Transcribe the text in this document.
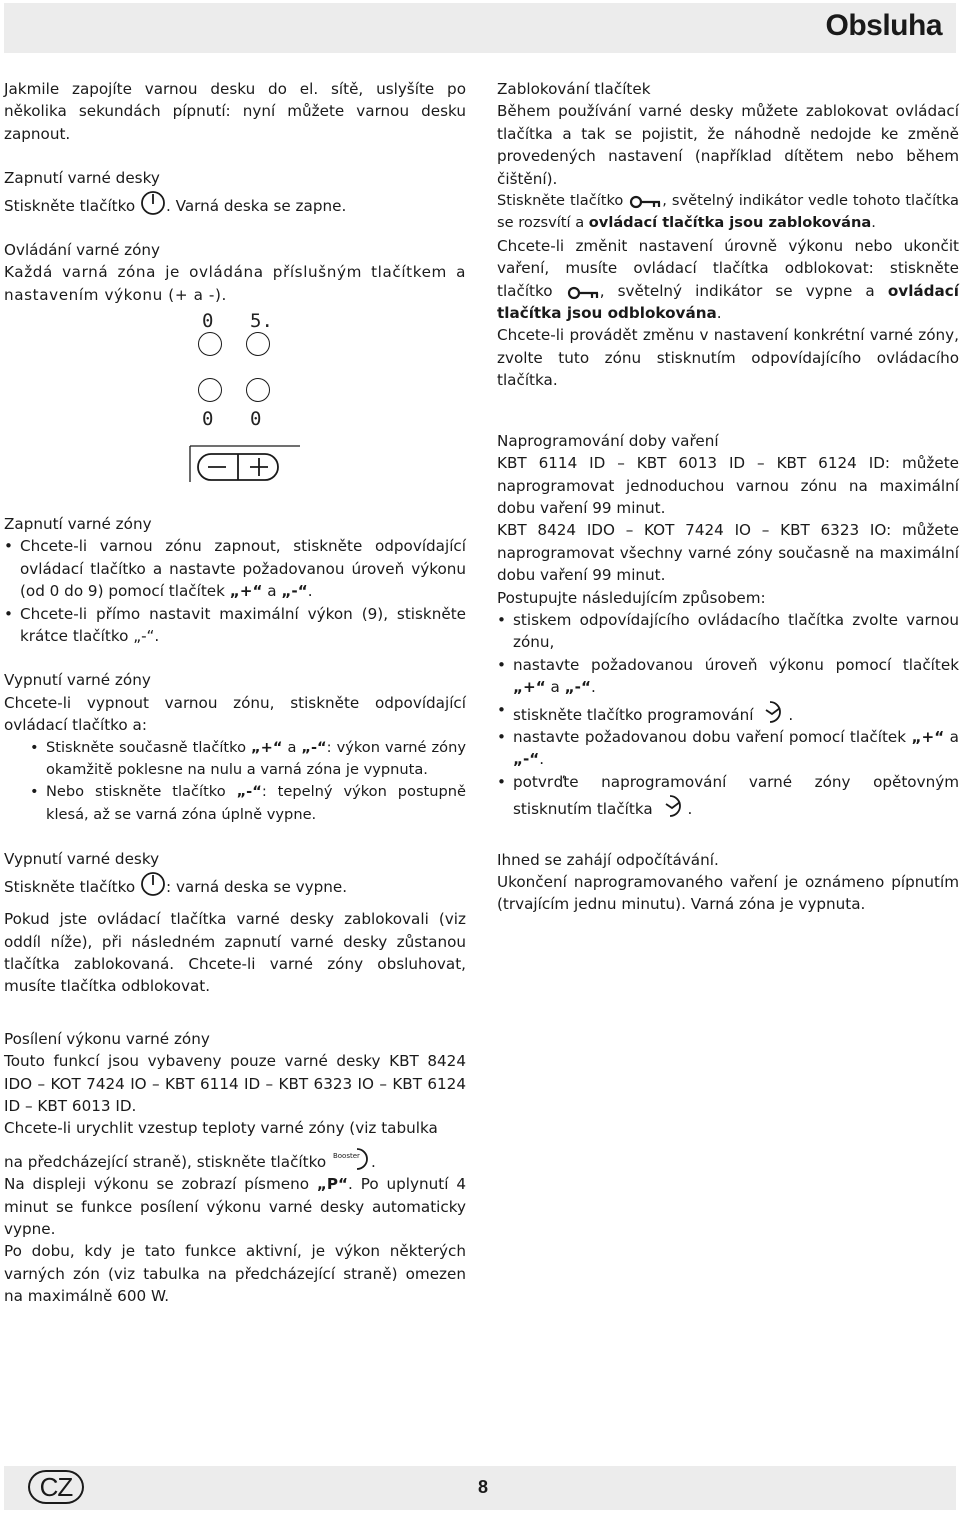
Obsluha

Jakmile zapojíte varnou desku do el. sítě, uslyšíte po několika sekundách pípnutí: nyní můžete varnou desku zapnout.

Zapnutí varné desky

Stiskněte tlačítko . Varná deska se zapne.

Ovládání varné zóny

Každá varná zóna je ovládána příslušným tlačítkem a nastavením výkonu (+ a -).

0 5.
0 0

Zapnutí varné zóny

• Chcete-li varnou zónu zapnout, stiskněte odpovídající ovládací tlačítko a nastavte požadovanou úroveň výkonu (od 0 do 9) pomocí tlačítek „+“ a „-“.
• Chcete-li přímo nastavit maximální výkon (9), stiskněte krátce tlačítko „-“.

Vypnutí varné zóny

Chcete-li vypnout varnou zónu, stiskněte odpovídající ovládací tlačítko a:

• Stiskněte současně tlačítko „+“ a „-“: výkon varné zóny okamžitě poklesne na nulu a varná zóna je vypnuta.
• Nebo stiskněte tlačítko „-“: tepelný výkon postupně klesá, až se varná zóna úplně vypne.

Vypnutí varné desky

Stiskněte tlačítko : varná deska se vypne.

Pokud jste ovládací tlačítka varné desky zablokovali (viz oddíl níže), při následném zapnutí varné desky zůstanou tlačítka zablokovaná. Chcete-li varné zóny obsluhovat, musíte tlačítka odblokovat.

Posílení výkonu varné zóny

Touto funkcí jsou vybaveny pouze varné desky KBT 8424 IDO – KOT 7424 IO – KBT 6114 ID – KBT 6323 IO – KBT 6124 ID – KBT 6013 ID.

Chcete-li urychlit vzestup teploty varné zóny (viz tabulka

na předcházející straně), stiskněte tlačítko Booster .

Na displeji výkonu se zobrazí písmeno „P“. Po uplynutí 4 minut se funkce posílení výkonu varné desky automaticky vypne.

Po dobu, kdy je tato funkce aktivní, je výkon některých varných zón (viz tabulka na předcházející straně) omezen na maximálně 600 W.

Zablokování tlačítek

Během používání varné desky můžete zablokovat ovládací tlačítka a tak se pojistit, že náhodně nedojde ke změně provedených nastavení (například dítětem nebo během čištění).

Stiskněte tlačítko , světelný indikátor vedle tohoto tlačítka se rozsvítí a ovládací tlačítka jsou zablokována.

Chcete-li změnit nastavení úrovně výkonu nebo ukončit vaření, musíte ovládací tlačítka odblokovat: stiskněte tlačítko , světelný indikátor se vypne a ovládací tlačítka jsou odblokována.

Chcete-li provádět změnu v nastavení konkrétní varné zóny, zvolte tuto zónu stisknutím odpovídajícího ovládacího tlačítka.

Naprogramování doby vaření

KBT 6114 ID – KBT 6013 ID – KBT 6124 ID: můžete naprogramovat jednoduchou varnou zónu na maximální dobu vaření 99 minut.

KBT 8424 IDO – KOT 7424 IO – KBT 6323 IO: můžete naprogramovat všechny varné zóny současně na maximální dobu vaření 99 minut.

Postupujte následujícím způsobem:

• stiskem odpovídajícího ovládacího tlačítka zvolte varnou zónu,
• nastavte požadovanou úroveň výkonu pomocí tlačítek „+“ a „-“.
• stiskněte tlačítko programování .
• nastavte požadovanou dobu vaření pomocí tlačítek „+“ a „-“.
• potvrďte naprogramování varné zóny opětovným stisknutím tlačítka .

Ihned se zahájí odpočítávání.

Ukončení naprogramovaného vaření je oznámeno pípnutím (trvajícím jednu minutu). Varná zóna je vypnuta.

CZ	8
